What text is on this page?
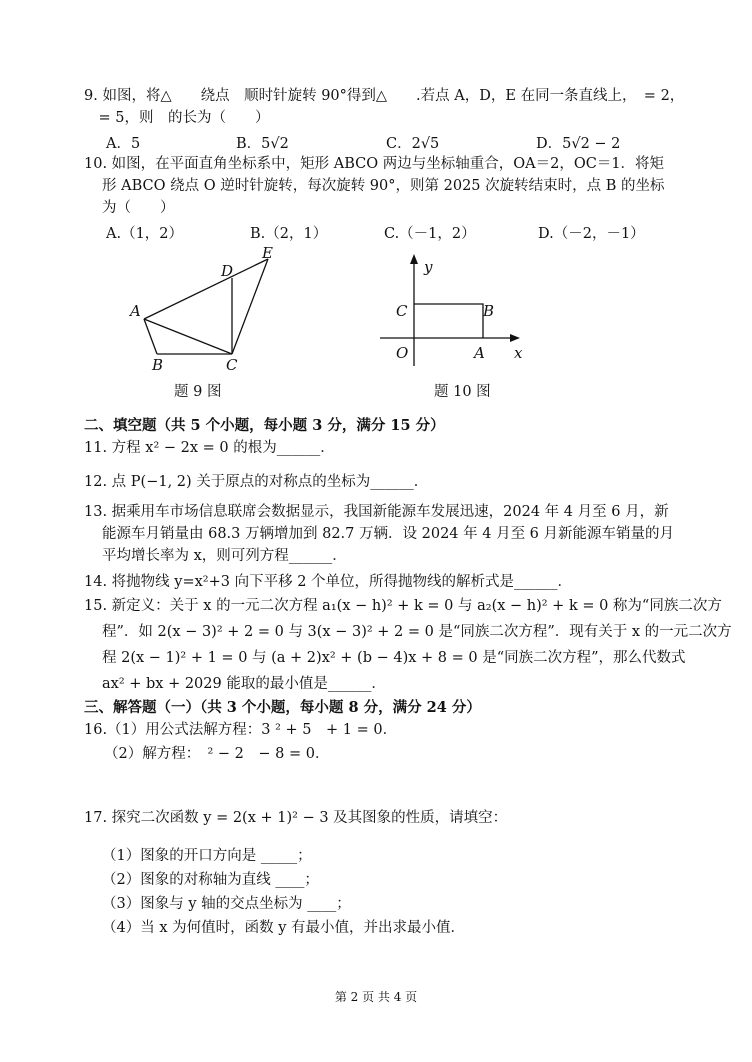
9. 如图，将△　　绕点　顺时针旋转 90°得到△　　.若点 A，D，E 在同一条直线上，　= 2，
　= 5，则　的长为（　　）
A．5	B．5√2	C．2√5	D．5√2 − 2
10. 如图，在平面直角坐标系中，矩形 ABCO 两边与坐标轴重合，OA＝2，OC＝1．将矩
形 ABCO 绕点 O 逆时针旋转，每次旋转 90°，则第 2025 次旋转结束时，点 B 的坐标
为（　　）
A.（1，2）	B.（2，1）	C.（－1，2）	D.（－2，－1）
A
B	C
D
E
题 9 图
y
C	B
O	A x
题 10 图
二、填空题（共 5 个小题，每小题 3 分，满分 15 分）
11. 方程 x² − 2x = 0 的根为______．
12. 点 P(−1, 2) 关于原点的对称点的坐标为______．
13. 据乘用车市场信息联席会数据显示，我国新能源车发展迅速，2024 年 4 月至 6 月，新
能源车月销量由 68.3 万辆增加到 82.7 万辆．设 2024 年 4 月至 6 月新能源车销量的月
平均增长率为 x，则可列方程______．
14. 将抛物线 y=x²+3 向下平移 2 个单位，所得抛物线的解析式是______．
15. 新定义：关于 x 的一元二次方程 a₁(x − h)² + k = 0 与 a₂(x − h)² + k = 0 称为“同族二次方
程”．如 2(x − 3)² + 2 = 0 与 3(x − 3)² + 2 = 0 是“同族二次方程”．现有关于 x 的一元二次方
程 2(x − 1)² + 1 = 0 与 (a + 2)x² + (b − 4)x + 8 = 0 是“同族二次方程”，那么代数式
ax² + bx + 2029 能取的最小值是______．
三、解答题（一）（共 3 个小题，每小题 8 分，满分 24 分）
16.（1）用公式法解方程：3 ² + 5　+ 1 = 0．
（2）解方程：　² − 2　− 8 = 0．
17. 探究二次函数 y = 2(x + 1)² − 3 及其图象的性质，请填空：
（1）图象的开口方向是 _____；
（2）图象的对称轴为直线 ____；
（3）图象与 y 轴的交点坐标为 ____；
（4）当 x 为何值时，函数 y 有最小值，并出求最小值．
第 2 页 共 4 页
